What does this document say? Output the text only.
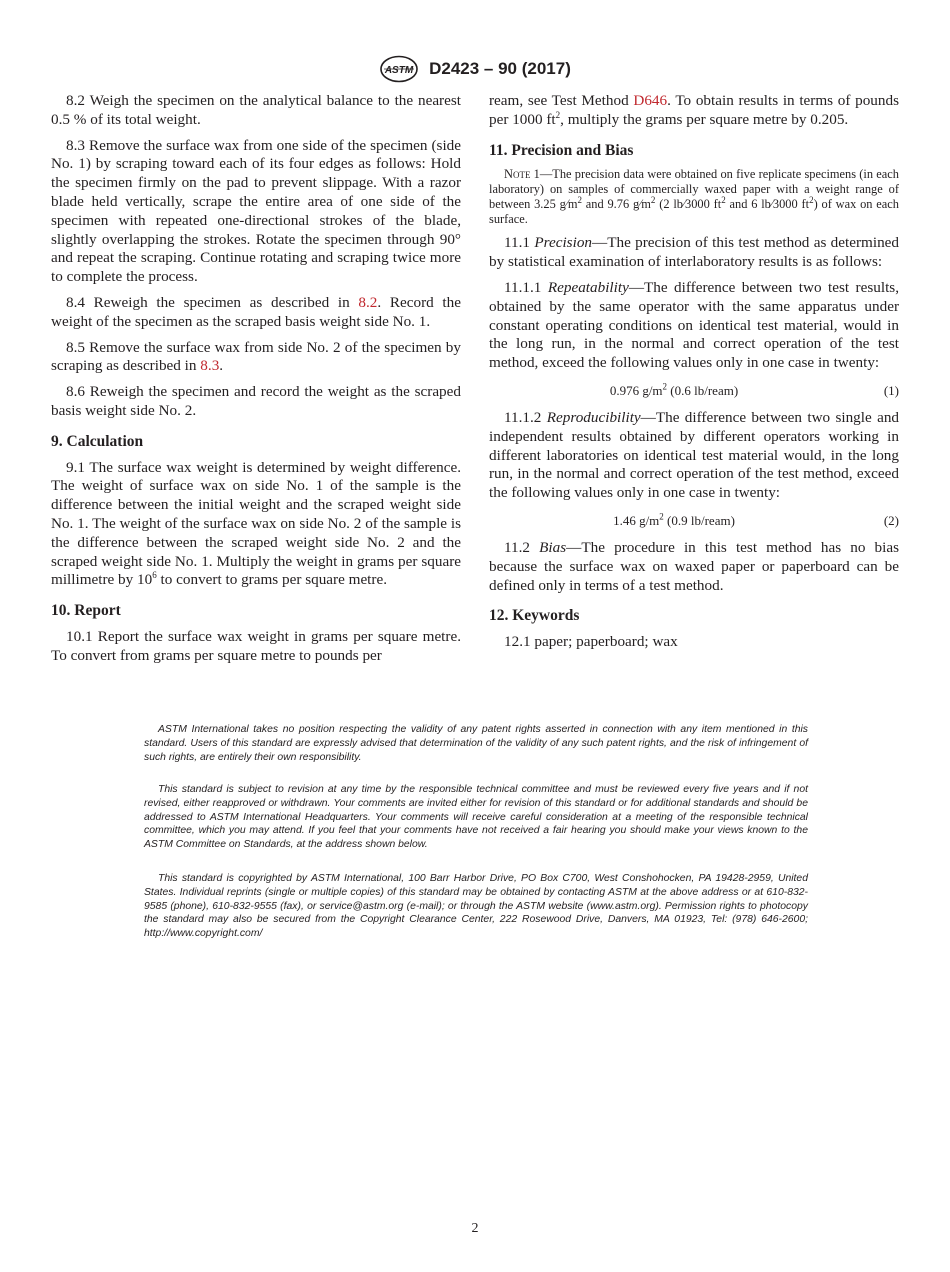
ASTM D2423 – 90 (2017)

8.2 Weigh the specimen on the analytical balance to the nearest 0.5 % of its total weight.

8.3 Remove the surface wax from one side of the specimen (side No. 1) by scraping toward each of its four edges as follows: Hold the specimen firmly on the pad to prevent slippage. With a razor blade held vertically, scrape the entire area of one side of the specimen with repeated one-directional strokes of the blade, slightly overlapping the strokes. Rotate the specimen through 90° and repeat the scraping. Continue rotating and scraping twice more to complete the process.

8.4 Reweigh the specimen as described in 8.2. Record the weight of the specimen as the scraped basis weight side No. 1.

8.5 Remove the surface wax from side No. 2 of the specimen by scraping as described in 8.3.

8.6 Reweigh the specimen and record the weight as the scraped basis weight side No. 2.

9. Calculation

9.1 The surface wax weight is determined by weight difference. The weight of surface wax on side No. 1 of the sample is the difference between the initial weight and the scraped weight side No. 1. The weight of the surface wax on side No. 2 of the sample is the difference between the scraped weight side No. 2 and the scraped weight side No. 1. Multiply the weight in grams per square millimetre by $10^6$ to convert to grams per square metre.

10. Report

10.1 Report the surface wax weight in grams per square metre. To convert from grams per square metre to pounds per

ream, see Test Method D646. To obtain results in terms of pounds per 1000 $ft^2$, multiply the grams per square metre by 0.205.

11. Precision and Bias
Note 1—The precision data were obtained on five replicate specimens (in each laboratory) on samples of commercially waxed paper with a weight range of between 3.25 $g⁄m^2$ and 9.76 $g⁄m^2$ (2 lb⁄3000 $ft^2$ and 6 lb⁄3000 $ft^2$) of wax on each surface.

11.1 Precision—The precision of this test method as determined by statistical examination of interlaboratory results is as follows:

11.1.1 Repeatability—The difference between two test results, obtained by the same operator with the same apparatus under constant operating conditions on identical test material, would in the long run, in the normal and correct operation of the test method, exceed the following values only in one case in twenty:

0.976 $g/m^2$ (0.6 lb/ream)	(1)

11.1.2 Reproducibility—The difference between two single and independent results obtained by different operators working in different laboratories on identical test material would, in the long run, in the normal and correct operation of the test method, exceed the following values only in one case in twenty:

1.46 $g/m^2$ (0.9 lb/ream)	(2)

11.2 Bias—The procedure in this test method has no bias because the surface wax on waxed paper or paperboard can be defined only in terms of a test method.

12. Keywords

12.1 paper; paperboard; wax

ASTM International takes no position respecting the validity of any patent rights asserted in connection with any item mentioned in this standard. Users of this standard are expressly advised that determination of the validity of any such patent rights, and the risk of infringement of such rights, are entirely their own responsibility.

This standard is subject to revision at any time by the responsible technical committee and must be reviewed every five years and if not revised, either reapproved or withdrawn. Your comments are invited either for revision of this standard or for additional standards and should be addressed to ASTM International Headquarters. Your comments will receive careful consideration at a meeting of the responsible technical committee, which you may attend. If you feel that your comments have not received a fair hearing you should make your views known to the ASTM Committee on Standards, at the address shown below.

This standard is copyrighted by ASTM International, 100 Barr Harbor Drive, PO Box C700, West Conshohocken, PA 19428-2959, United States. Individual reprints (single or multiple copies) of this standard may be obtained by contacting ASTM at the above address or at 610-832-9585 (phone), 610-832-9555 (fax), or service@astm.org (e-mail); or through the ASTM website (www.astm.org). Permission rights to photocopy the standard may also be secured from the Copyright Clearance Center, 222 Rosewood Drive, Danvers, MA 01923, Tel: (978) 646-2600; http://www.copyright.com/

2
